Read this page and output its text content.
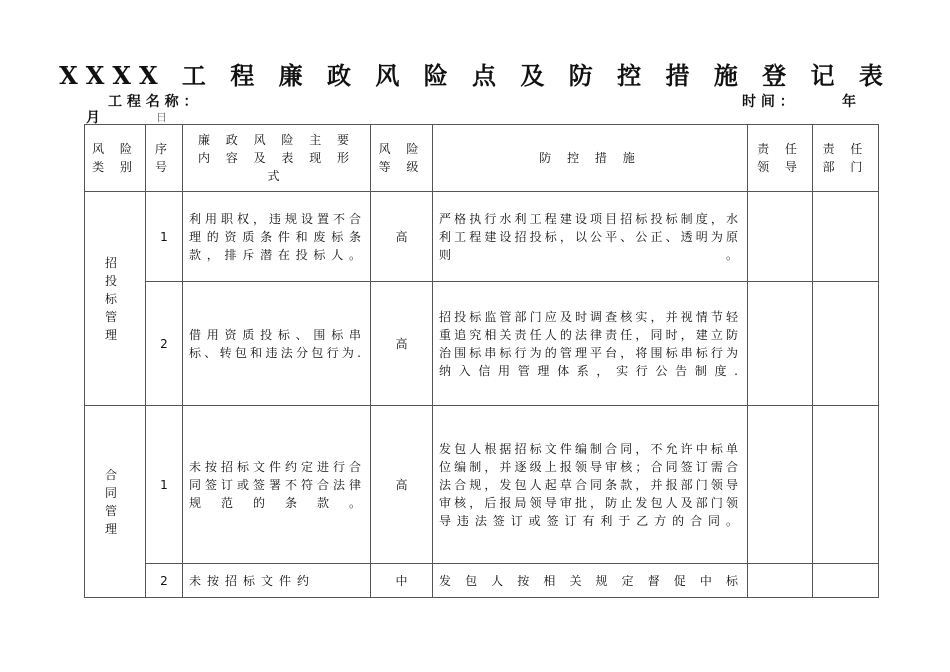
XXXX 工 程 廉 政 风 险 点 及 防 控 措 施 登 记 表
工 程 名 称 ：	时 间 ：	年
月	日
风 险 类 别	序 号	廉 政 风 险 主 要 内 容 及 表 现 形 式	风 险 等 级	防 控 措 施	责 任 领 导	责 任 部 门
招 投 标 管 理	1	利用职权，违规设置不合理的资质条件和废标条款，排斥潜在投标人。	高	严格执行水利工程建设项目招标投标制度，水利工程建设招投标，以公平、公正、透明为原则。		
	2	借用资质投标、围标串标、转包和违法分包行为.	高	招投标监管部门应及时调查核实，并视情节轻重追究相关责任人的法律责任，同时，建立防治围标串标行为的管理平台，将围标串标行为纳入信用管理体系，实行公告制度.		
合 同 管 理	1	未按招标文件约定进行合同签订或签署不符合法律规范的条款。	高	发包人根据招标文件编制合同，不允许中标单位编制，并逐级上报领导审核；合同签订需合法合规，发包人起草合同条款，并报部门领导审核，后报局领导审批，防止发包人及部门领导违法签订或签订有利于乙方的合同。		
	2	未按招标文件约	中	发包人按相关规定督促中标		
